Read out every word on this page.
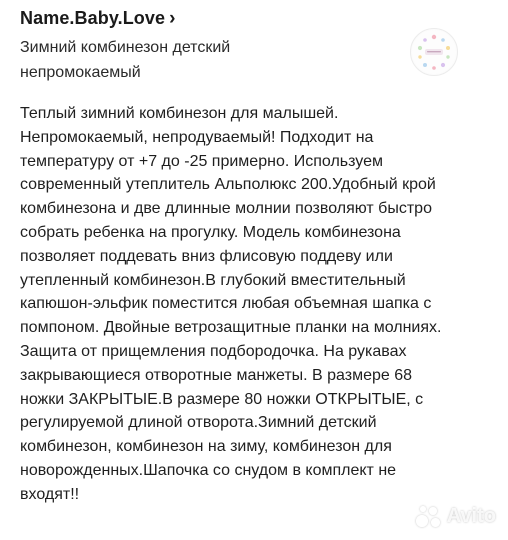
Name.Baby.Love ›
Зимний комбинезон детский
непромокаемый
Теплый зимний комбинезон для малышей.
Непромокаемый, непродуваемый! Подходит на
температуру от +7 до -25 примерно. Используем
современный утеплитель Альполюкс 200.Удобный крой
комбинезона и две длинные молнии позволяют быстро
собрать ребенка на прогулку. Модель комбинезона
позволяет поддевать вниз флисовую поддеву или
утепленный комбинезон.В глубокий вместительный
капюшон-эльфик поместится любая объемная шапка с
помпоном. Двойные ветрозащитные планки на молниях.
Защита от прищемления подбородочка. На рукавах
закрывающиеся отворотные манжеты. В размере 68
ножки ЗАКРЫТЫЕ.В размере 80 ножки ОТКРЫТЫЕ, с
регулируемой длиной отворота.Зимний детский
комбинезон, комбинезон на зиму, комбинезон для
новорожденных.Шапочка со снудом в комплект не
входят!!
Avito
